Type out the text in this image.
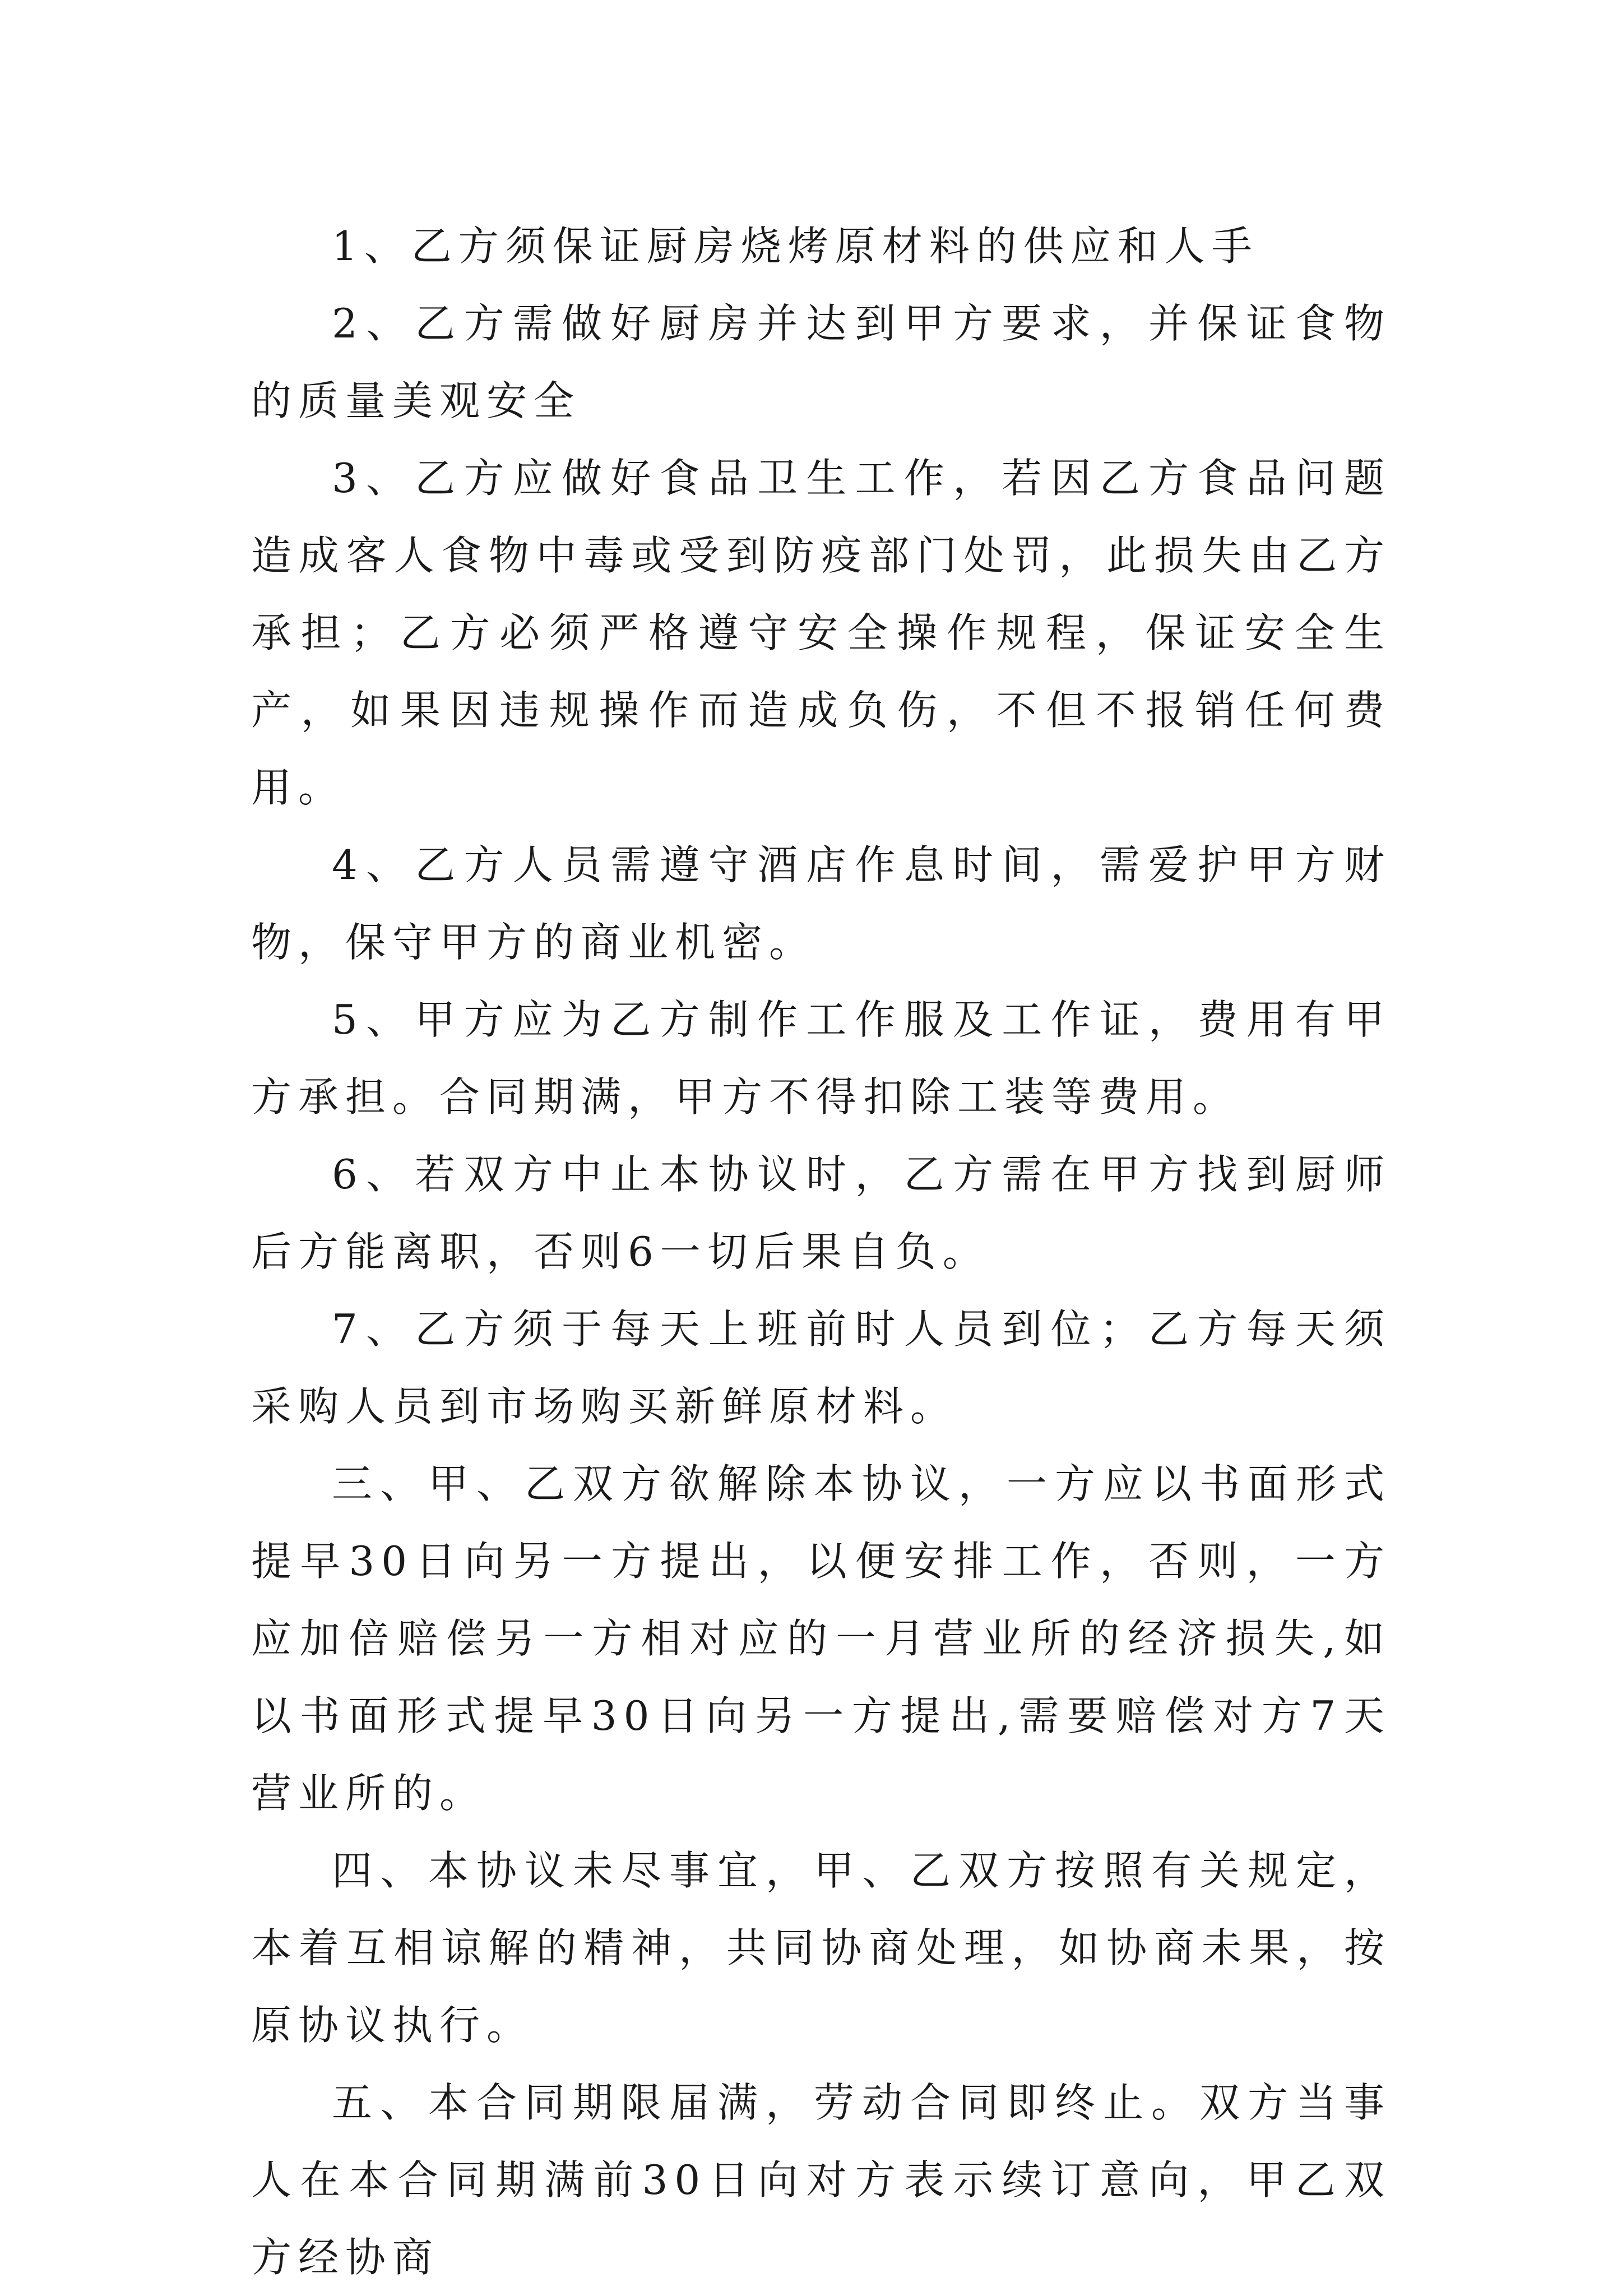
1、乙方须保证厨房烧烤原材料的供应和人手

2、乙方需做好厨房并达到甲方要求，并保证食物的质量美观安全

3、乙方应做好食品卫生工作，若因乙方食品问题造成客人食物中毒或受到防疫部门处罚，此损失由乙方承担；乙方必须严格遵守安全操作规程，保证安全生产，如果因违规操作而造成负伤，不但不报销任何费用。

4、乙方人员需遵守酒店作息时间，需爱护甲方财物，保守甲方的商业机密。

5、甲方应为乙方制作工作服及工作证，费用有甲方承担。合同期满，甲方不得扣除工装等费用。

6、若双方中止本协议时，乙方需在甲方找到厨师后方能离职，否则6一切后果自负。

7、乙方须于每天上班前时人员到位；乙方每天须采购人员到市场购买新鲜原材料。

三、甲、乙双方欲解除本协议，一方应以书面形式提早30日向另一方提出，以便安排工作，否则，一方应加倍赔偿另一方相对应的一月营业所的经济损失,如以书面形式提早30日向另一方提出,需要赔偿对方7天营业所的。

四、本协议未尽事宜，甲、乙双方按照有关规定，本着互相谅解的精神，共同协商处理，如协商未果，按原协议执行。

五、本合同期限届满，劳动合同即终止。双方当事人在本合同期满前30日向对方表示续订意向，甲乙双方经协商
